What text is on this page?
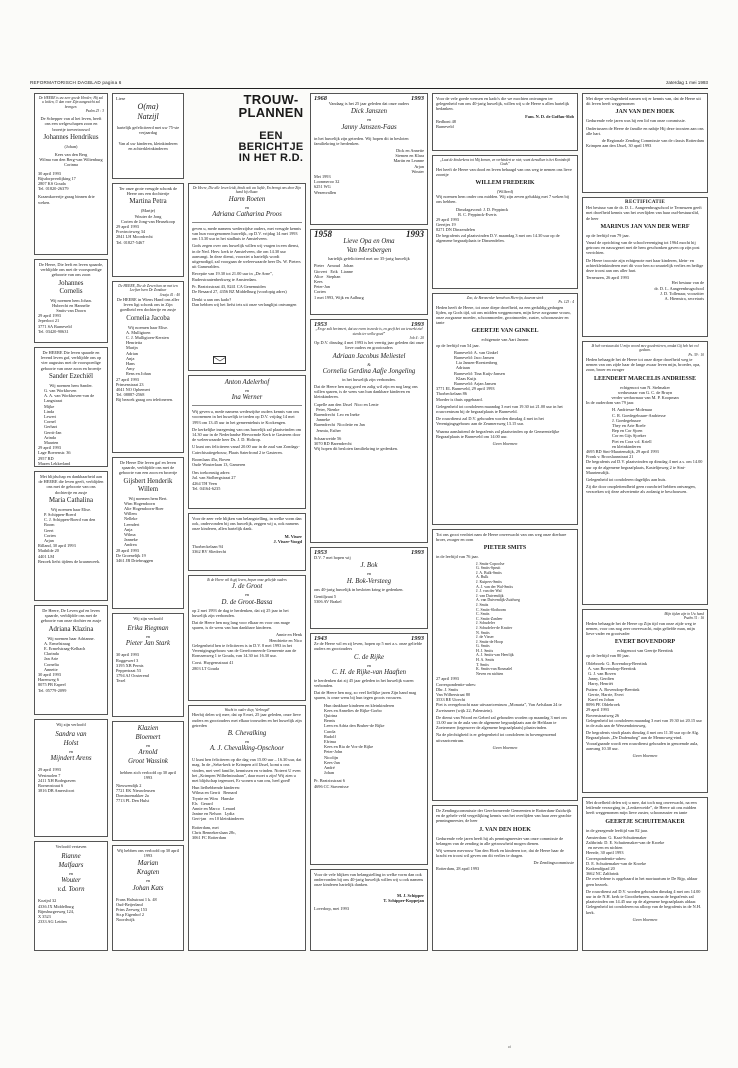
REFORMATORISCH DAGBLAD pagina 6	zaterdag 1 mei 1993
De HEERE is uw zeer goede Herder; Hij zal u leiden, U dan voor Zijn aangezicht zal brengen.
Psalm 23 : 3

De Schepper van al het leven, heeft ons een welgeschapen zoon en broertje toevertrouwd

Johannes Hendrikus
(Johan)
Kees van den Berg
Wilma van den Berg-van Wiltenburg
Corinna
30 april 1993
Bijsdorpverdijking 17
2807 KS Gouda
Tel. 01820-26379
Kraamkavertje graag binnen drie weken.

De Heere, Die leeft en leven spaarde, verblijdde ons met de voorspoedige geboorte van ons zoon

Johannes
Cornelis
Wij noemen hem Johan.
Hubrecht en Hannelie
Smits-van Doorn
29 april 1993
Jeperlooi 21
3771 SA Barneveld
Tel. 03420-90631

De HEERE Die leven spaarde en levend leven gaf, verblijdde ons op vier augustus met de voorspoedige geboorte van onze zoon en broertje

Sander Ezechiël
Wij noemen hem Sander.
G. van Workhoven
A. A. van Workhoven-van de Langstraat
Mijke
Linda
Leweri
Cornel
Gerhart
Gerrit-Jan
Arinda
Maarten
29 april 1993
Lage Boerenstr. 36
2957 RD
Mazen Lekkerland

Met blijdschap en dankbaarheid aan de HEERE die leven geeft, verblijden ons met de geboorte van ons dochtertje en zusje

Maria Cathalina
Wij noemen haar Elise.
P. Schippen-Boerd
C. J. Schippen-Boerd van den Boom
Geert
Corien
Arjan
Rilland, 30 april 1993
Mathilde 20
4401 LM
Bezoek liefst tijdens de kraamweek.

De Heere, De Leven gaf en leven spaarde, verblijdde ons met de geboorte van onze dochter en zusje

Adriana Klazina
Wij noemen haar Adrianne.
A. Ermelstraag
E. Ermelstraag-Kelbach
Clarinda
Jan Arie
Cornelia
Annette
30 april 1993
Harenweg 6
8075 PB Eapeel
Tel. 05779-2099
Wij zijn verloofd
Sandra van
Holst
en
Mijndert Arens
29 april 1993
Westmolen 7
2411 XH Bodegraven
Borneostraat 6
3816 DB Amersfoort
Verloofd vertaven
Rianne
Malfaars
en
Wouter
v.d. Toorn
Kozijnl 32
4336 JX Middelburg
Bijnsburgerweg 124,
X 3523
2333 AG Leiden
Liese
O(ma)
Natzijl

hartelijk gefeliciteerd met uw 75-ste verjaardag

Van al uw kinderen, kleinkinderen en achterkleinkinderen

Ter onze grote vreugde schonk de Heere ons een dochtertje

Martina Petra
(Martje)
Wouter de Jong
Corien de Jong-van Heusekoop
29 april 1993
Provincieweg 34
2841 LH Moordrecht
Tel. 01827-5467
De HEERE, Die de Zeven ban on met ten Leeften been De Zondaar
Jesaja 41 : 40

De HEERE in Wiens Hand ons aller leven ligt schonk ons in Zijn goedheid een dochtertje en zusje

Cornelia Jacoba
Wij noemen haar Elise.
A. Mulligtoen
C. J. Mulligtoen-Kersten
Henrietta
Marijn
Adrian
Anja
Hans
Amy
Rens en Johan
27 april 1993
Prinsenstraat 23
4041 NO Ophemert
Tel. 08887-2568
Bij bezoek graag om telefoneren.

De Heere Die leven gaf en leven spaarde, verblijdde ons met de geboorte van een zoon en broertje

Gijsbert Henderik
Willem
Wij noemen hem Bert.
Wim Hogendoorn
Alie Hogendoorn-Boer
Willem
Nelleke
Leendert
Anja
Wilma
Janneke
Andrea
28 april 1993
De Groenelijk 19
3461 JB Driebruggen
Wij zijn verloofd
Erika Riegman
en
Pieter Jan Stark
30 april 1993
Roggewerf 3
3195 XB Pernis
Peppertraat 53
1794 AJ Oosterend
Texel
Klazien
Bloemert
en
Arnold
Groot Wassink

hebben zich verloofd op 30 april 1993

Nieuwendijk 2
7721 EK Nieuwleusen
Dominoenakker 2a
7713 PL Den Hulst

Wij hebben ons verloofd op 30 april 1993

Marian
Kragten
en
Johan Kats
Frans Halsstraat 1 k. 48
Oud-Beijerland
Prins Zeeweg 153
Str.p Eigenhof 2
Noordwijk
TROUW-
PLANNEN
EEN
BERICHTJE
IN HET R.D.
De Heere, Die alle leven leidt, bindt ook uw liefde, En brengt ons door Zijn hand bij elkaar.
Harm Roeten
en
Adriana Catharina Proos

geven u, mede namens wederzijdse ouders, met vreugde kennis van hun voorgenomen huwelijk, op D.V. vrijdag 14 mei 1993 om 13.30 uur in het stadhuis te Amstelveen.

Gods zegen over ons huwelijk willen wij vragen in een dienst, in de Ned. Herv. kerk te Amstelveen, die om 14.30 uur aanvangt. In deze dienst, voorziet u hartelijk wordt uitgenodigd, zal voorgaan de weleerwaarde heer Ds. W. Pieters uit Gameralden.

Receptie van 19.30 tot 21.00 uur in „De Arne”, Ruderstraatenberkweg te Amsterdam.

Pr. Beatrixstraat 43, 8241 CA Genemuiden
De Besaard 27, 4356 BZ Middelburg (voorlopig adres)
Denkt u aan ons kado?
Dan hebben wij het liefst iets uit onze verlanglijst ontvangen
Anton Adelerhof
en
Ina Werner

Wij geven u, mede namens wederzijdse ouders kennis van ons voornemen in het huwelijk te treden op D.V. vrijdag 14 mei 1993 om 13.45 uur in het gemeentehuis te Kockengen.

De kerkelijke inzegening van ons huwelijk zal plaatsvinden om 14.30 uur in de Nederlandse Hervormde Kerk te Gasteren door de weleerwaarde heer Ds. J. D. Holtrop.

U kunt ons feliciteren vanaf 20.00 uur in de zaal van Zondags- Catechisatiegebouw, Plaats Saterfrond 2 te Gasteren.

Boomlaan 45a, Boven
Oude Wouterlaan 13, Gameren
Ons toekomstig adres:
Jul. van Stolbergstraat 27
4264 TH Veen
Tel. 04164-6235

Voor de zeer vele blijken van belangstelling, in welke vorm dan ook, ondervonden bij ons huwelijk, zeggen wij u, ook namens onze kinderen, allen hartelijk dank.

M. Visser
J. Visser-Voogd
Thorbeckelaan 94
3362 BV Sliedrecht
Ik de Heere wil ik gij leven, hopen onze geliefde ouders
J. de Groot
en
D. de Groot-Bassa

op 2 mei 1993 de dag te herdenken, dat zij 25 jaar in het huwelijk zijn verbonden.

Dat de Heere hen nog lang voor elkaar en voor ons mage sparen, is de wens van hun dankbare kinderen.

Annie en Henk
Hendriette en Nico

Gelegenheid hen te feliciteren is in D.V. 8 mei 1993 in het Verenigingsgebouw van de Gereformeerde Gemeente aan de Ronssenweg 1 te Gouda, van 14.30 tot 16.30 uur.

Corst. Huygensstraat 41
2803 LT Gouda
Wacht in ouder diep, Verbregd!

Hierbij delen wij mee, dat op 8 mei, 25 jaar geleden, onze lieve ouders en grootouders met elkaar trouwden en het huwelijk zijn getreden

B. Chevalking
en
A. J. Chevalking-Opschoor

U kunt hen feliciteren op die dag van 15.00 uur – 16.30 uur, dat mag. In de „Seba-kerk te Krimpen a/d IJssel, komt u ons vinden, met veel familie, kennissen en vrinden. Noteert U even het „Krimpen Wilhelminalaan”, daar moet u zijn! Wij zien u met blijdschap tegemoet, Er wonen u van ons, heel goed!

Hun liefhebbende kinderen:
Wilma en Gerrit   Bernard
Trynie en Wim   Hanske
Els   Gerard
Annie en Marco   Lenard
Janine en Nelson   Lydia
Gert-jan   en 10 kleinkinderen
Rotterdam, mei
Chris Bennekerslaan 28c,
3061 FC Rotterdam
1968	1993

Vandaag is het 25 jaar geleden dat onze ouders

Dick Janszen
en
Janny Janszen-Faas

in het huwelijk zijn getreden. Wij hopen dit in besloten familiekring te herdenken.

Dick en Annette
Siemen en Klara
Martin en Leanne
Arjan
Wouter
Mei 1993
Loonmeroo 32
6251 WG
Wezenvallen
1958	1993
Lieve Opa en Oma
Van Mersbergen

hartelijk gefeliciteerd met uw 35-jarig huwelijk

Pieter   Arnoud   Johan
Giovert   Erik   Lianne
Alice   Stephan
Kees
Peter-Jan
Corien
1 mei 1993, Wijk en Aalburg
1953	1993
„En ge zult herinnert, dat uw roem in zeede is, en geeft het uw tewerkt ziel steeds ter welke goed”
Job 4 : 20

Op D.V. dinsdag 4 mei 1993 is het veertig jaar geleden dat onze lieve ouders en grootouders

Adriaan Jacobus Meliestel
&
Cornelia Gerdina Aafje Jongeling

in het huwelijk zijn verbonden.

Dat de Heere hen nog goed en zalig wil zijn en nog lang ons willen sparen, is de wens van hun dankbare kinderen en kleinkinderen.

Capelle aan den IJssel  Nico en Lenie
Peter, Nienke
Barendrecht  Leo en Ineke
Janneke
Barendrecht  Nicolette en Jan
Jesmia, Esther
Schaarweide 56
3070 RD Barendrecht
Wij hopen dit besloten familiekring te gedenken.
1953	1993

D.V. 7 mei hopen wij

J. Bok
en
H. Bok-Versteeg

ons 40-jarig huwelijk in besloten kring te gedenken.

Gentiljzaat 5
5306 AV Brakel
1943	1993

Ze de Heere wil en zij leven, hopen op 5 mei a.s. onze geliefde ouders en grootouders

C. de Rijke
en
C. H. de Rijke-van Haaften

te herdenken dat zij 45 jaar geleden in het huwelijk waren verbonden.

Dat de Heere hen nog, zo veel lieflijke jaren Zijn hand mag sparen, is onze wens bij hun tegen groots vrouwen.

Hun dankbare kinderen en kleinkinderen
Kees en Annelies de Rijke-Gorbo
Quirina
Bernis
Leen en Adria den Bruber-de Rijke
Carola
Rudolf
Efrima
Kees en Ria de Vos-de Rijke
Peter-John
Nicolijn
Kees-Jan
André
Johan
Pr. Beatrixstraat 6
4696 CC Stavenisse

Voor de vele blijken van belangstelling in welke vorm dan ook ondervonden bij ons 40-jarig huwelijk willen wij u ook namens onze kinderen hartelijk danken.

M. J. Schipper
T. Schipper-Koppejan
Lovedorp, mei 1993

Voor de vele goede wensen en kado's die we mochten ontvangen ter gelegenheid van ons 40-jarig huwelijk, willen wij u de Heere u allen hartelijk bedanken.

Fam. N. D. de Goffau-Slob
Bedhoni 48
Barneveld
„Laat de kinderkens tot Mij komen, en verhindert ze niet; want derzulken is het Koninkrijk Gods”

Het heeft de Heere van dood en leven behaagd van ons weg te nemen ons lieve zoontje

WILLEM FREDERIK
(Wilfred)

Wij noemen hem onder ons midden. Wij zijn zeven gelukkig met 7 weken bij ons hebben.

Dinsdagavond: J. D. Peppinck
R. C. Peppinck-Everts
29 april 1993
Geertjes 19
8271 DN Dinxendelen

De begrafenis zal plaatsvinden D.V. maandag 3 mei om 14.30 uur op de algemene begraafplaats te Dinxendelen.

Zoo, de Boronerder hemelvan Hiervijn, daarom sterk
Ps. 123 : 4

Heden heeft de Heere, tot onze diepe droefheid, na een geduldig gedragen lijden, op Gods tijd, uit ons midden weggenomen, mijn lieve zorgzame vrouw, onze zorgzame moeder, schoonmoeder, grootmoeder, zuster, schoonzuster en tante

GEERTJE VAN GINKEL
echtgenote van Aart Jansen

op de leeftijd van 54 jaar.

Barneveld: A. van Ginkel
Barneveld: Jaco Jansen
Lia Jansen-Roestenberg
Adriaan
Barneveld: Tina Kuijs-Jansen
Klaas Kuijs
Barneveld: Arjan Jansen
3771 EL Barneveld, 29 april 1993
Thorbeckelaan 86

Moeder is thuis opgebaard.

Gelegenheid tot condoleren maandag 3 mei van 19.30 tot 21.00 uur in het rouwcentrum bij de begraafplaats te Barneveld.

De rouwdienst zal D.V. gehouden worden dinsdag 4 mei in het Verenigingsgebouw aan de Zeumersweg 13.15 uur.

Waarna aansluitend de begrafenis zal plaatsvinden op de Gemeentelijke Begraafplaats te Barneveld om 14.00 uur.

Geen bloemen

Tot ons groot verdriet nam de Heere onverwacht van ons weg onze dierbare broer, zwager en oom

PIETER SMITS

in de leeftijd van 76 jaar.

J. Smits-Copoolse
G. Smits-Spruit
J. A. Bulk-Smits
A. Bulk
J. Kuipers-Smits
A. J. van der Wal-Smits
J. J. van der Wal
J. van Duivendijk
A. van Duivendijk-Zuidweg
J. Smits
C. Smits-Slotboom
C. Smits
C. Smits-Zanleer
J. Schudeler
J. Schudeler-de Kruiter
N. Smits
J. de Visser
J. Smits-de Hoop
G. Smits
H. J. Smits
A. J. Smits-van Heerlijk
H. A. Smits
T. Smits
K. Smits-van Rosmalel
Neven en nichten
27 april 1993
Correspondentie-adres:
Dhr. J. Smits
Van Wilberstraat 80
3533 RE Utrecht

Piet is overgebracht naar uitvaartcentrum „Monarta”, Van Aelstlaan 24 te Zwetsmeer (wijk 22, Palenstein).

De dienst van Woord en Gebed zal gehouden worden op maandag 3 mei om 13.00 uur in de aula van de algemene begraafplaats aan de Heftlaan te Zoetermeer (tegenover de algemene begraafplaats) plaatsvinden.

Na de plechtigheid is er gelegenheid tot condoleren in bovengenoemd uitvaartcentrum.

Geen bloemen

De Zendingscommissie der Gereformeerde Gemeenten te Rotterdam-Zuidwijk en de gehele veld vergetlijking kennis van het overlijden van haar zeer geachte penningmeester, de heer

J. VAN DEN HOEK

Gedurende vele jaren heeft hij als penningmeester van onze commissie de belangen van de zending in alle getrouwheid mogen dienen.

Wij wensen mevrouw Van den Hoek en kinderen toe, dat de Heere haar de kracht en troost wil geven om dit verlies te dragen.

De Zendingscommissie
Rotterdam, 28 april 1993

Met diepe verslagenheid namen wij er kennis van, dat de Heere uit dit leven heeft weggenomen

JAN VAN DEN HOEK

Gedurende vele jaren was hij een lid van onze commissie.

Ondertussen de Heere de familie en nabije Hij deze troosten aan ons alle hart.

de Regionale Zending Commissie van de classis Rotterdam
Krimpen aan den IJssel, 30 april 1993
RECTIFICATIE

Het bestuur van de dr. D. L. Aangeenbrugschool te Terneuzen geeft met droefheid kennis van het overlijden van haar oud-bestuurslid, de heer

MARINUS JAN VAN DER WERF

op de leeftijd van 79 jaar.

Vanaf de oprichting van de schoolvereniging tot 1964 mocht hij getrouw en nauwgezet met de hem geschonken gaven op zijn post verrichten.

De Heere troooste zijn echtgenote met haar kinderen, klein- en achterkleinkinderen met dit voor hen zo smartelijk verlies en heilige deze troost aan ons aller hart.

Terneuzen, 26 april 1993
Het bestuur van de
dr. D. L. Aangeenbrugschool
J. D. Tollenaar, voorzitter
A. Hiemstra, secretaris
Ik heb verstaan dat U mijn woord mee goedertieren, omdat Gij heb het vol gedaan.
Ps. 39 : 10

Heden behaagde het de Heere tot onze diepe droefheid weg te nemen van ons zijde haar de lange zwaar leven mijn, broeder, opa, zoon, broer en zwager

LEENDERT MARCELIS ANDRIESSE
echtgenoot van N. Stelmaker
weduwnaar van G. C. de Bruyn
verder weduwnaar van M. P. Koopman

In de ouderdom van 79 jaar.

H. Andriesse-Molenaar
C. R. Goedegebuure-Andriesse
J. Goedegebuure
They en Arie Roele
Bep en Cor Sjoen
Cor en Gijs Sjoeker
Piet en Cora v.d. Kriell
en kleinkinderen
4695 BD Sint-Maartensdijk, 29 april 1993
Fronk v. Brooslaanstraat 21

De begrafenis zal D.V. plaatsvinden op dinsdag 4 mei a.s. om 14.00 uur op de algemene begraafplaats, Kastelijnweg 2 te Sint-Maartensdijk.

Gelegenheid tot condoleren dagelijks aan huis.

Zij die door onoplettendheid geen rouwbrief hebben ontvangen, verzoeken wij deze advertentie als zodanig te beschouwen.

Mijn tijden zijn in Uw hand
Psalm 31 : 16

Heden behaagde het de Heere op Zijn tijd van onze zijde weg te nemen, voor ons nog zeer onverwacht, mijn geliefde man, mijn lieve vader en grootvader

EVERT BOVENDORP
echtgenoot van Geertje Beertink

op de leeftijd van 80 jaar.

Oldebroek: G. Bovendorp-Beertink
A. van Bovendorp-Beertink
G. J. van Boven
Janny, Gerdien
Harry, Henriët
Putten: A. Bovendorp-Beertink
Gerrie, Harrie, Evert
Karel en Johan
8096 PE Oldebroek
29 april 1993
Bovenstraatweg 26

Gelegenheid tot condoleren maandag 3 mei van 19.30 tot 20.15 uur in de aula aan de Wessendoinsweg.

De begrafenis vindt plaats dinsdag 4 mei om 11.30 uur op de Alg. Begraafplaats „De Dadenaheg” aan de Mennoweg-eind. Voorafgaande wordt een rouwdienst gehouden in genoemde aula, aanvang 10.30 uur.

Geen bloemen

Met droefheid delen wij u mee, dat toch nog onverwacht, na een lettlende verzorging in „Lenkerweide”, de Heere uit ons midden heeft weggenomen mijn lieve zuster, schoonzuster en tante

GEERTJE SCHUITEMAKER

in de gezegende leeftijd van 82 jaar.

Amsterdam: G. Kaai-Schuitemaker
Zaltbrink: D. E. Schuitemaker-van de Kroeke
en neven en nichten
Heerde, 30 april 1993
Correspondentie-adres:
D. E. Schuitemaker-van de Kroeke
Krakendijpad 20
3662 NC Zaltbrink

De overledene is opgebaard in het mortuarium te De Rijp, aldaar geen bezoek.

De rouwdienst zal D.V. worden gehouden dinsdag 4 mei om 14.00 uur in de N.H. kerk te Groothebenen, waarna de begrafenis zal plaatsvinden om 14.45 uur op de algemene begraafplaats aldaar. Gelegenheid tot condoleren na afloop van de begrafenis in de N.H. kerk.

Geen bloemen
cl
